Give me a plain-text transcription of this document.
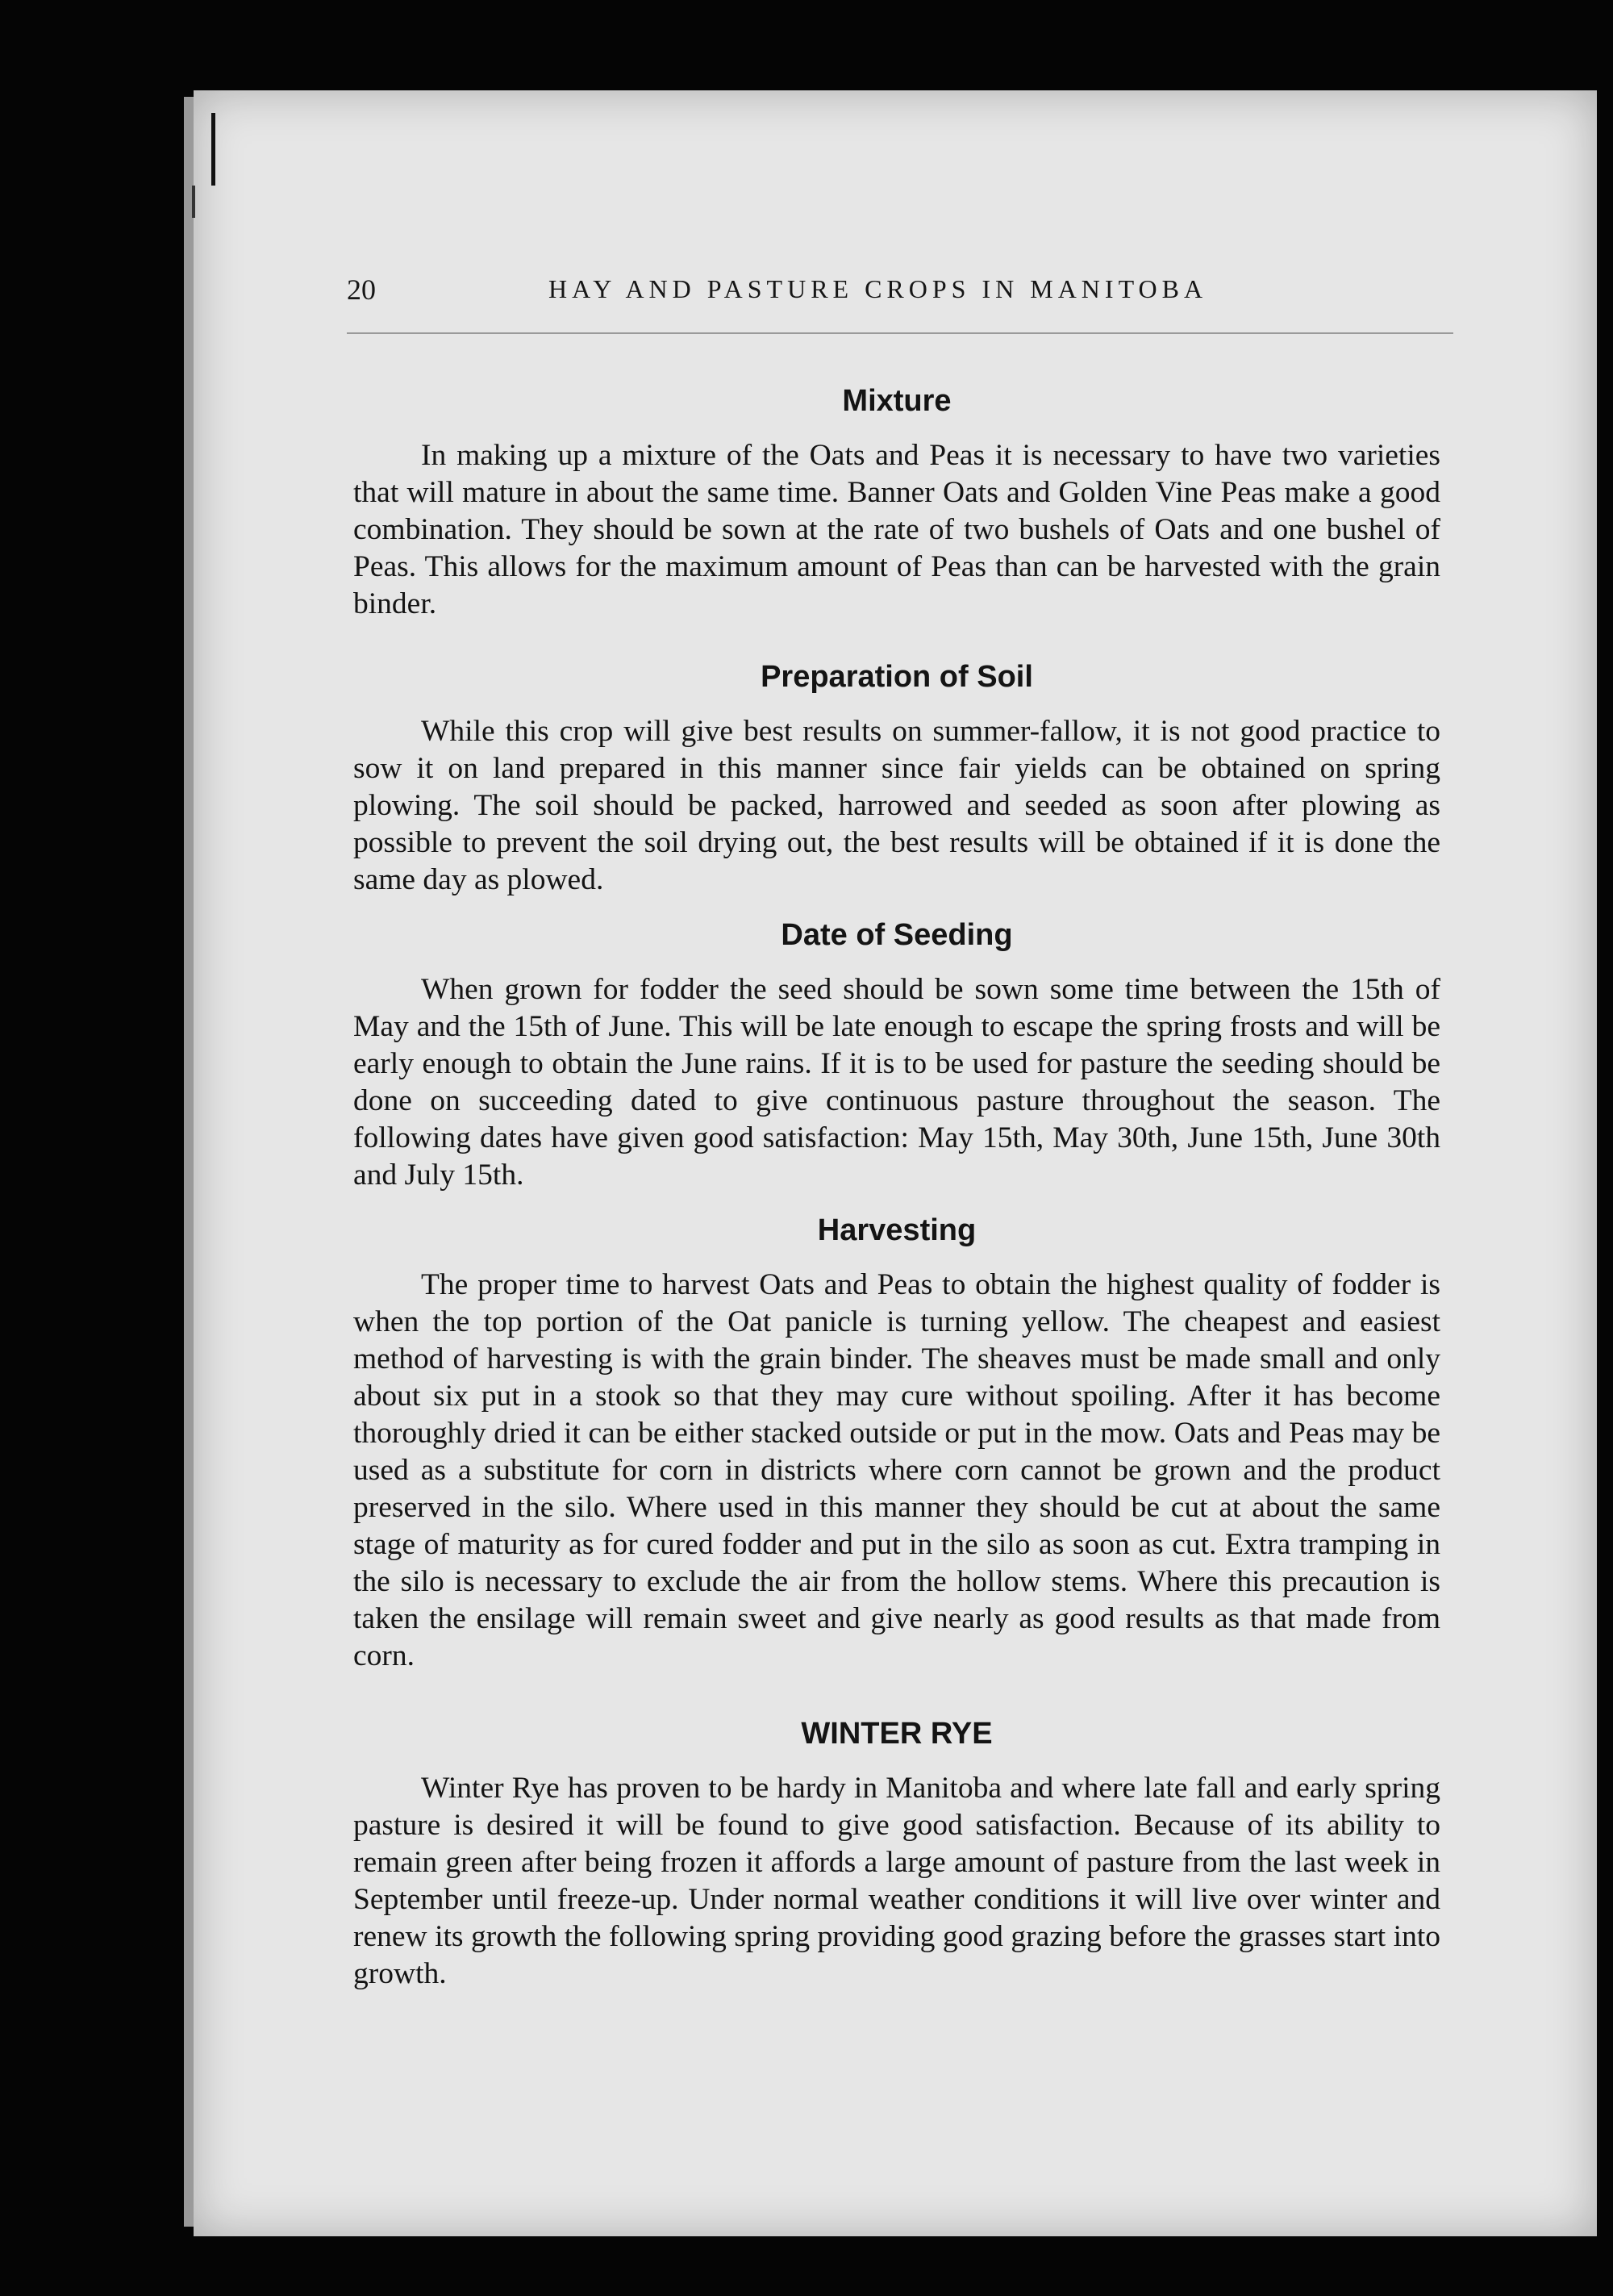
20	HAY AND PASTURE CROPS IN MANITOBA
Mixture

In making up a mixture of the Oats and Peas it is necessary to have two varieties that will mature in about the same time. Banner Oats and Golden Vine Peas make a good combination. They should be sown at the rate of two bushels of Oats and one bushel of Peas. This allows for the maximum amount of Peas than can be harvested with the grain binder.

Preparation of Soil

While this crop will give best results on summer-fallow, it is not good practice to sow it on land prepared in this manner since fair yields can be obtained on spring plowing. The soil should be packed, harrowed and seeded as soon after plowing as possible to prevent the soil drying out, the best results will be obtained if it is done the same day as plowed.

Date of Seeding

When grown for fodder the seed should be sown some time between the 15th of May and the 15th of June. This will be late enough to escape the spring frosts and will be early enough to obtain the June rains. If it is to be used for pasture the seeding should be done on succeeding dated to give continuous pasture throughout the season. The following dates have given good satisfaction: May 15th, May 30th, June 15th, June 30th and July 15th.

Harvesting

The proper time to harvest Oats and Peas to obtain the highest quality of fodder is when the top portion of the Oat panicle is turning yellow. The cheapest and easiest method of harvesting is with the grain binder. The sheaves must be made small and only about six put in a stook so that they may cure without spoiling. After it has become thoroughly dried it can be either stacked outside or put in the mow. Oats and Peas may be used as a substitute for corn in districts where corn cannot be grown and the product preserved in the silo. Where used in this manner they should be cut at about the same stage of maturity as for cured fodder and put in the silo as soon as cut. Extra tramping in the silo is necessary to exclude the air from the hollow stems. Where this precaution is taken the ensilage will remain sweet and give nearly as good results as that made from corn.

WINTER RYE

Winter Rye has proven to be hardy in Manitoba and where late fall and early spring pasture is desired it will be found to give good satisfaction. Because of its ability to remain green after being frozen it affords a large amount of pasture from the last week in September until freeze-up. Under normal weather conditions it will live over winter and renew its growth the following spring providing good grazing before the grasses start into growth.
